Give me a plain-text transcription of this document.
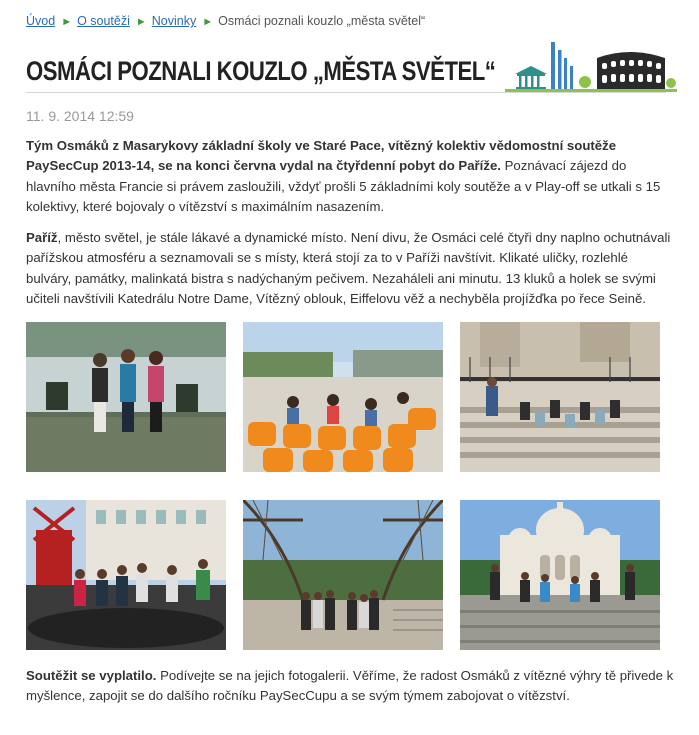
Úvod ► O soutěži ► Novinky ► Osmáci poznali kouzlo „města světel“
OSMÁCI POZNALI KOUZLO „MĚSTA SVĚTEL“
11. 9. 2014 12:59

Tým Osmáků z Masarykovy základní školy ve Staré Pace, vítězný kolektiv vědomostní soutěže PaySecCup 2013-14, se na konci června vydal na čtyřdenní pobyt do Paříže. Poznávací zájezd do hlavního města Francie si právem zasloužili, vždyť prošli 5 základními koly soutěže a v Play-off se utkali s 15 kolektivy, které bojovaly o vítězství s maximálním nasazením.

Paříž, město světel, je stále lákavé a dynamické místo. Není divu, že Osmáci celé čtyři dny naplno ochutnávali pařížskou atmosféru a seznamovali se s místy, která stojí za to v Paříži navštívit. Klikaté uličky, rozlehlé bulváry, památky, malinkatá bistra s nadýchaným pečivem. Nezaháleli ani minutu. 13 kluků a holek se svými učiteli navštívili Katedrálu Notre Dame, Vítězný oblouk, Eiffelovu věž a nechyběla projížďka po řece Seině.

Soutěžit se vyplatilo. Podívejte se na jejich fotogalerii. Věříme, že radost Osmáků z vítězné výhry tě přivede k myšlence, zapojit se do dalšího ročníku PaySecCupu a se svým týmem zabojovat o vítězství.
